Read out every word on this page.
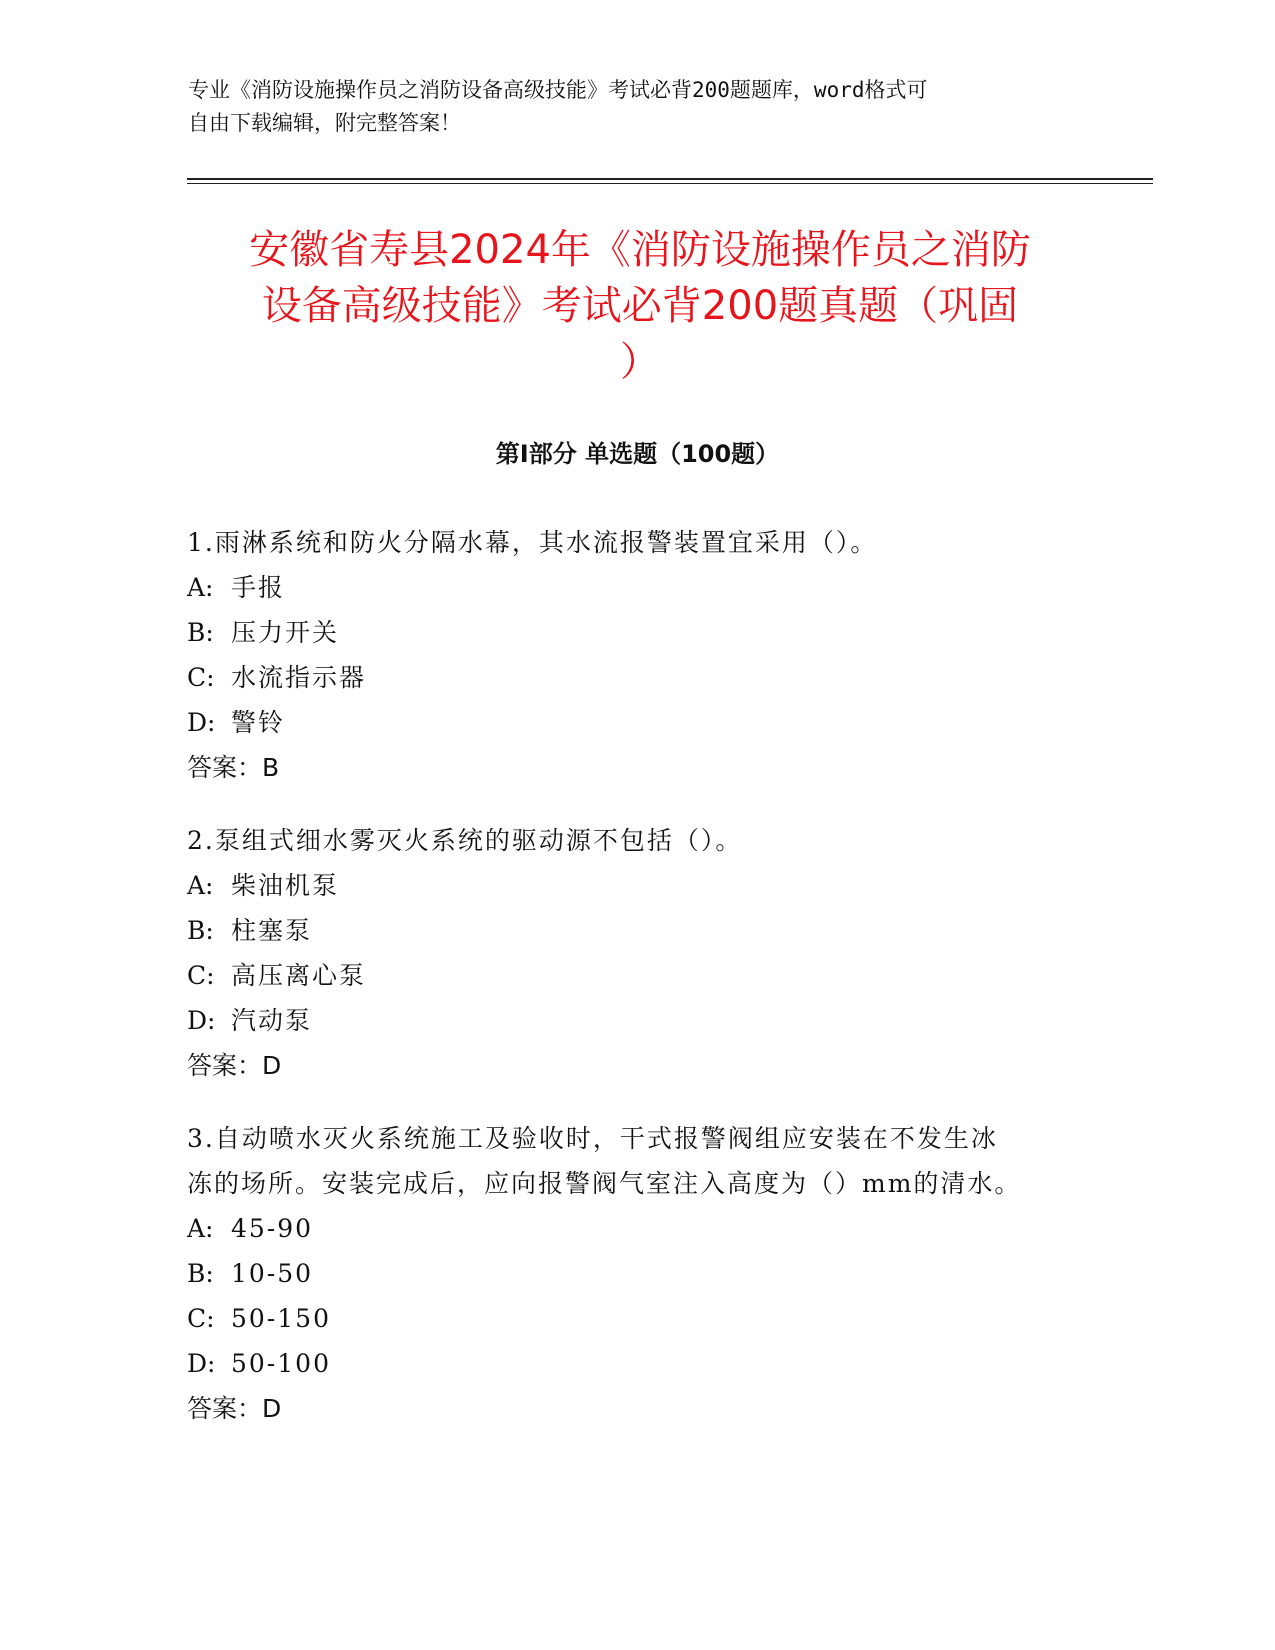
专业《消防设施操作员之消防设备高级技能》考试必背200题题库，word格式可

自由下载编辑，附完整答案！

安徽省寿县2024年《消防设施操作员之消防
设备高级技能》考试必背200题真题（巩固
）
第Ⅰ部分 单选题（100题）

1.雨淋系统和防火分隔水幕，其水流报警装置宜采用（）。

A: 手报

B: 压力开关

C: 水流指示器

D: 警铃

答案：B

2.泵组式细水雾灭火系统的驱动源不包括（）。

A: 柴油机泵

B: 柱塞泵

C: 高压离心泵

D: 汽动泵

答案：D

3.自动喷水灭火系统施工及验收时，干式报警阀组应安装在不发生冰

冻的场所。安装完成后，应向报警阀气室注入高度为（）mm的清水。

A: 45-90

B: 10-50

C: 50-150

D: 50-100

答案：D
